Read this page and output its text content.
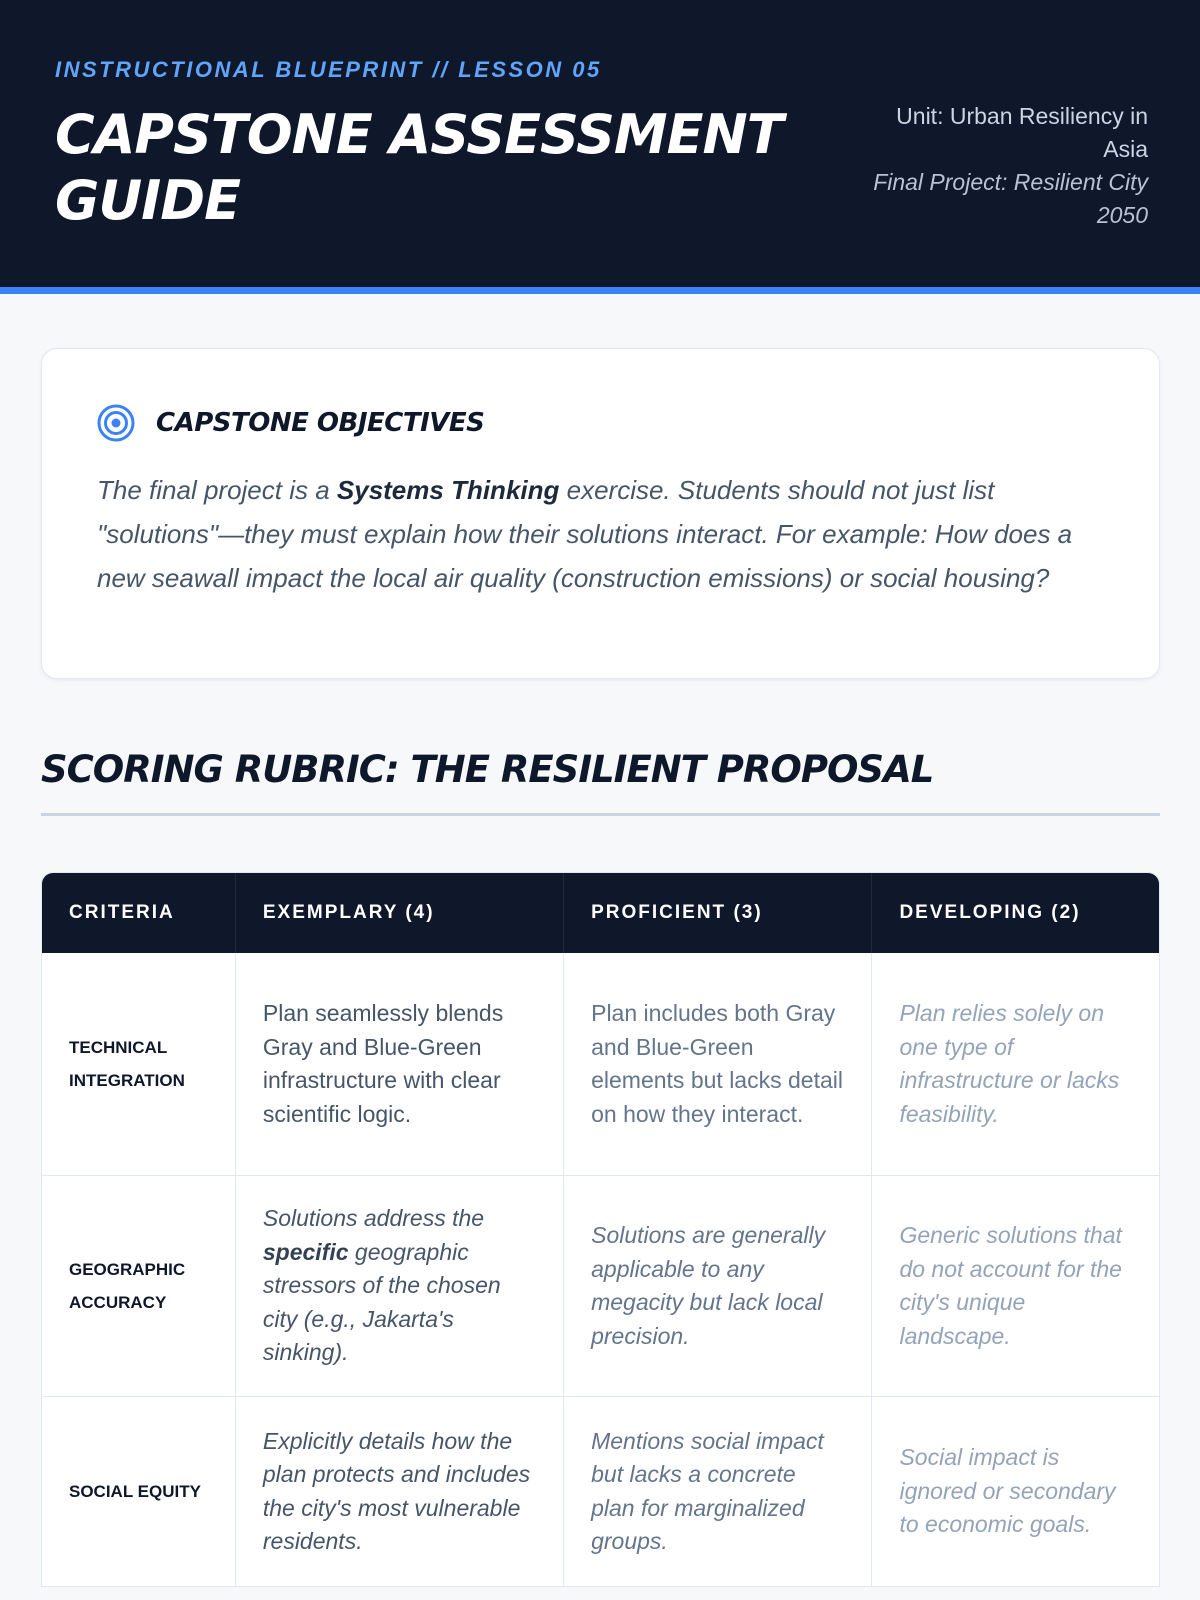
INSTRUCTIONAL BLUEPRINT // LESSON 05
CAPSTONE ASSESSMENT GUIDE
Unit: Urban Resiliency in Asia
Final Project: Resilient City 2050
CAPSTONE OBJECTIVES

The final project is a Systems Thinking exercise. Students should not just list "solutions"—they must explain how their solutions interact. For example: How does a new seawall impact the local air quality (construction emissions) or social housing?

SCORING RUBRIC: THE RESILIENT PROPOSAL
CRITERIA	EXEMPLARY (4)	PROFICIENT (3)	DEVELOPING (2)
TECHNICAL INTEGRATION	Plan seamlessly blends Gray and Blue-Green infrastructure with clear scientific logic.	Plan includes both Gray and Blue-Green elements but lacks detail on how they interact.	Plan relies solely on one type of infrastructure or lacks feasibility.
GEOGRAPHIC ACCURACY	Solutions address the specific geographic stressors of the chosen city (e.g., Jakarta's sinking).	Solutions are generally applicable to any megacity but lack local precision.	Generic solutions that do not account for the city's unique landscape.
SOCIAL EQUITY	Explicitly details how the plan protects and includes the city's most vulnerable residents.	Mentions social impact but lacks a concrete plan for marginalized groups.	Social impact is ignored or secondary to economic goals.
